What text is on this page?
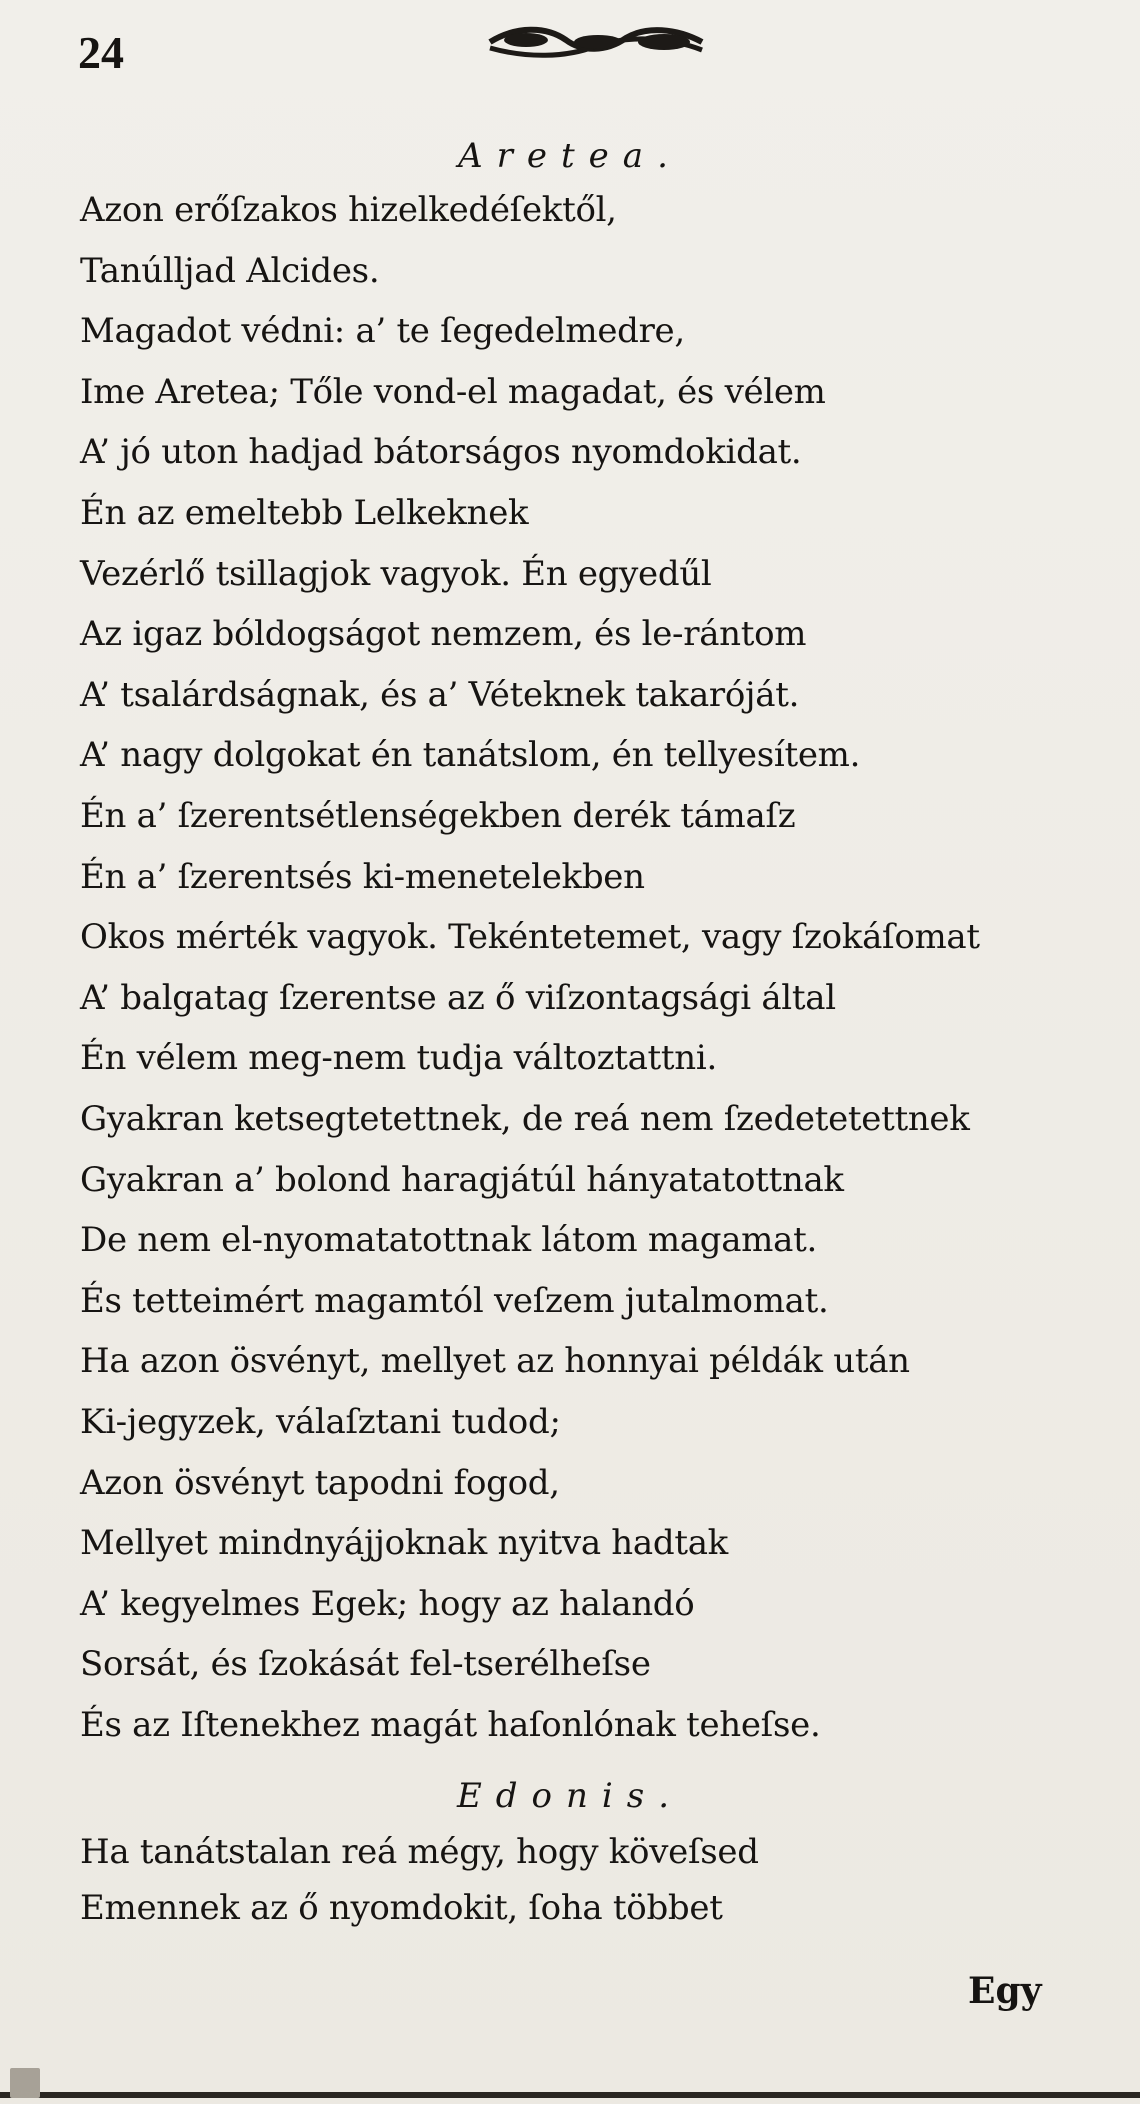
24
Aretea.
Azon erőſzakos hizelkedéſektől,
Tanúlljad Alcides.
Magadot védni: a’ te ſegedelmedre,
Ime Aretea; Tőle vond-el magadat, és vélem
A’ jó uton hadjad bátorságos nyomdokidat.
Én az emeltebb Lelkeknek
Vezérlő tsillagjok vagyok. Én egyedűl
Az igaz bóldogságot nemzem, és le-rántom
A’ tsalárdságnak, és a’ Véteknek takaróját.
A’ nagy dolgokat én tanátslom, én tellyesítem.
Én a’ ſzerentsétlenségekben derék támaſz
Én a’ ſzerentsés ki-menetelekben
Okos mérték vagyok. Tekéntetemet, vagy ſzokáſomat
A’ balgatag ſzerentse az ő viſzontagsági által
Én vélem meg-nem tudja változtattni.
Gyakran ketsegtetettnek, de reá nem ſzedetetettnek
Gyakran a’ bolond haragjátúl hányatatottnak
De nem el-nyomatatottnak látom magamat.
És tetteimért magamtól veſzem jutalmomat.
Ha azon ösvényt, mellyet az honnyai példák után
Ki-jegyzek, válaſztani tudod;
Azon ösvényt tapodni fogod,
Mellyet mindnyájjoknak nyitva hadtak
A’ kegyelmes Egek; hogy az halandó
Sorsát, és ſzokását fel-tserélheſse
És az Iſtenekhez magát haſonlónak teheſse.
Edonis.
Ha tanátstalan reá mégy, hogy köveſsed
Emennek az ő nyomdokit, ſoha többet
Egy
